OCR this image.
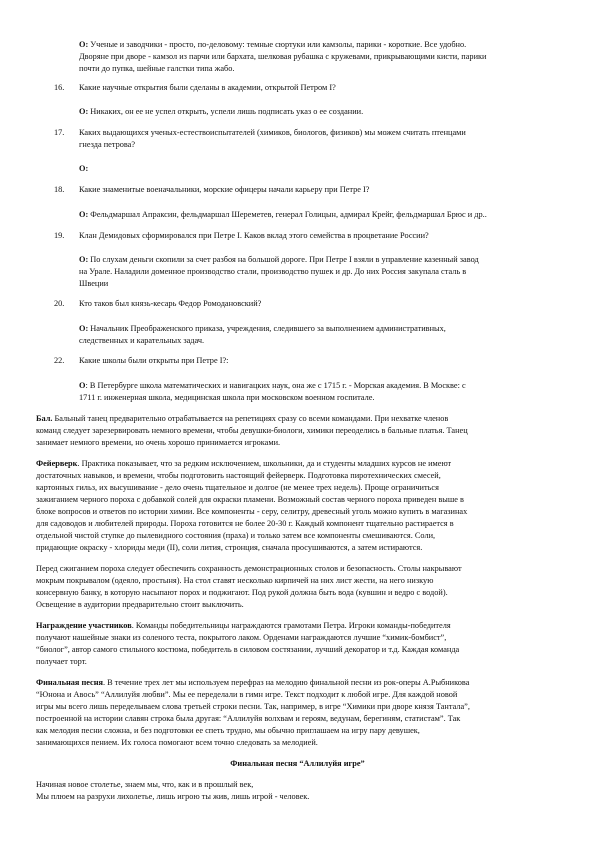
О: Ученые и заводчики - просто, по-деловому: темные сюртуки или камзолы, парики - короткие. Все удобно.
Дворяне при дворе - камзол из парчи или бархата, шелковая рубашка с кружевами, прикрывающими кисти, парики
почти до пупка, шейные галстки типа жабо.
16. Какие научные открытия были сделаны в академии, открытой Петром I?
О: Никаких, он ее не успел открыть, успели лишь подписать указ о ее создании.
17. Каких выдающихся ученых-естествоиспытателей (химиков, биологов, физиков) мы можем считать птенцами
гнезда петрова?
О:
18. Какие знаменитые военачальники, морские офицеры начали карьеру при Петре I?
О: Фельдмаршал Апраксин, фельдмаршал Шереметев, генерал Голицын, адмирал Крейг, фельдмаршал Брюс и др..
19. Клан Демидовых сформировался при Петре I. Каков вклад этого семейства в процветание России?
О: По слухам деньги скопили за счет разбоя на большой дороге. При Петре I взяли в управление казенный завод
на Урале. Наладили доменное производство стали, производство пушек и др. До них Россия закупала сталь в
Швеции
20. Кто таков был князь-кесарь Федор Ромодановский?
О: Начальник Преображенского приказа, учреждения, следившего за выполнением административных,
следственных и карательных задач.
22. Какие школы были открыты при Петре I?:
О: В Петербурге школа математических и навигацких наук, она же с 1715 г. - Морская академия. В Москве: с
1711 г. инженерная школа, медицинская школа при московском военном госпитале.
Бал. Бальный танец предварительно отрабатывается на репетициях сразу со всеми командами. При нехватке членов
команд следует зарезервировать немного времени, чтобы девушки-биологи, химики переоделись в бальные платья. Танец
занимает немного времени, но очень хорошо принимается игроками.
Фейерверк. Практика показывает, что за редким исключением, школьники, да и студенты младших курсов не имеют
достаточных навыков, и времени, чтобы подготовить настоящий фейерверк. Подготовка пиротехнических смесей,
картонных гильз, их высушивание - дело очень тщательное и долгое (не менее трех недель). Проще ограничиться
зажиганием черного пороха с добавкой солей для окраски пламени. Возможный состав черного пороха приведен выше в
блоке вопросов и ответов по истории химии. Все компоненты - серу, селитру, древесный уголь можно купить в магазинах
для садоводов и любителей природы. Пороха готовится не более 20-30 г. Каждый компонент тщательно растирается в
отдельной чистой ступке до пылевидного состояния (праха) и только затем все компоненты смешиваются. Соли,
придающие окраску - хлориды меди (II), соли лития, стронция, сначала просушиваются, а затем истираются.
Перед сжиганием пороха следует обеспечить сохранность демонстрационных столов и безопасность. Столы накрывают
мокрым покрывалом (одеяло, простыня). На стол ставят несколько кирпичей на них лист жести, на него низкую
консервную банку, в которую насыпают порох и поджигают. Под рукой должна быть вода (кувшин и ведро с водой).
Освещение в аудитории предварительно стоит выключить.
Награждение участников. Команды победительницы награждаются грамотами Петра. Игроки команды-победителя
получают нашейные знаки из соленого теста, покрытого лаком. Орденами награждаются лучшие “химик-бомбист”,
“биолог”, автор самого стильного костюма, победитель в силовом состязании, лучший декоратор и т.д. Каждая команда
получает торт.
Финальная песня. В течение трех лет мы используем перефраз на мелодию финальной песни из рок-оперы А.Рыбникова
“Юнона и Авось” “Аллилуйя любви”. Мы ее переделали в гимн игре. Текст подходит к любой игре. Для каждой новой
игры мы всего лишь переделываем слова третьей строки песни. Так, например, в игре “Химики при дворе князя Тантала”,
построенной на истории славян строка была другая: “Аллилуйя волхвам и героям, ведунам, берегиням, статистам”. Так
как мелодия песни сложна, и без подготовки ее спеть трудно, мы обычно приглашаем на игру пару девушек,
занимающихся пением. Их голоса помогают всем точно следовать за мелодией.
Финальная песня “Аллилуйя игре”
Начиная новое столетье, знаем мы, что, как и в прошлый век,
Мы плюем на разрухи лихолетье, лишь игрою ты жив, лишь игрой - человек.
